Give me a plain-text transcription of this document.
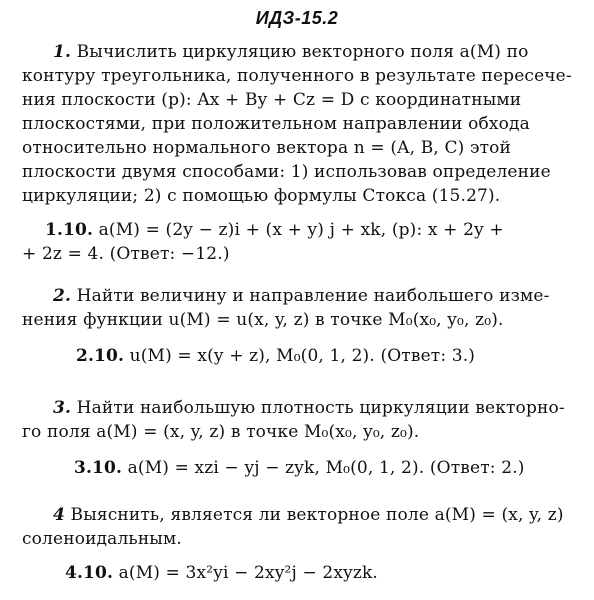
ИДЗ-15.2
1. Вычислить циркуляцию векторного поля a(M) по
контуру треугольника, полученного в результате пересече-
ния плоскости (p): Ax + By + Cz = D с координатными
плоскостями, при положительном направлении обхода
относительно нормального вектора n = (A, B, C) этой
плоскости двумя способами: 1) использовав определение
циркуляции; 2) с помощью формулы Стокса (15.27).
1.10. a(M) = (2y − z)i + (x + y) j + xk, (p): x + 2y +
+ 2z = 4. (Ответ: −12.)
2. Найти величину и направление наибольшего изме-
нения функции u(M) = u(x, y, z) в точке M₀(x₀, y₀, z₀).
2.10. u(M) = x(y + z), M₀(0, 1, 2). (Ответ: 3.)
3. Найти наибольшую плотность циркуляции векторно-
го поля a(M) = (x, y, z) в точке M₀(x₀, y₀, z₀).
3.10. a(M) = xzi − yj − zyk, M₀(0, 1, 2). (Ответ: 2.)
4 Выяснить, является ли векторное поле a(M) = (x, y, z)
соленоидальным.
4.10. a(M) = 3x²yi − 2xy²j − 2xyzk.
